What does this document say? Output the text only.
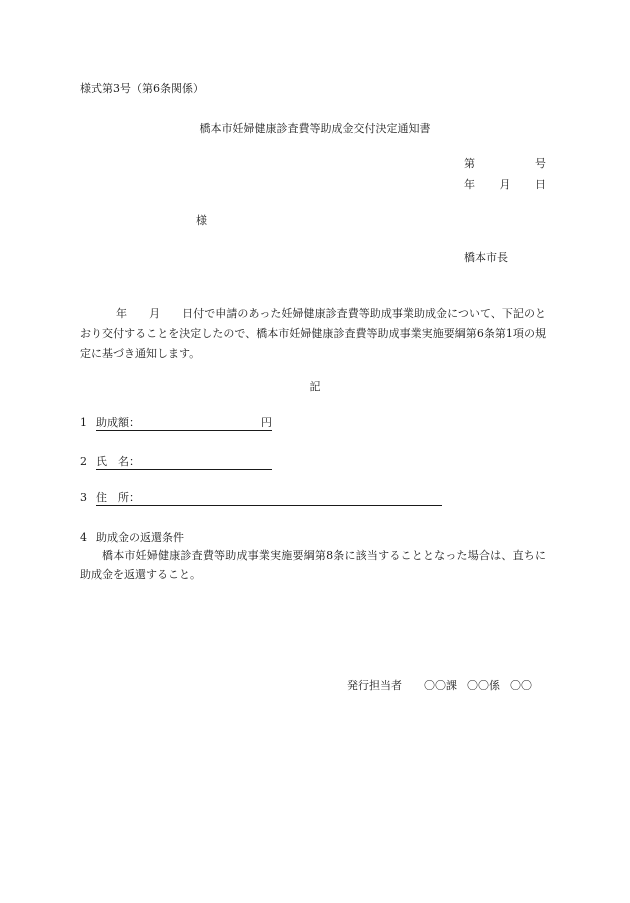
様式第3号（第6条関係）
橋本市妊婦健康診査費等助成金交付決定通知書
第	号
年 月 日
様
橋本市長
年 月 日付で申請のあった妊婦健康診査費等助成事業助成金について、下記のとおり交付することを決定したので、橋本市妊婦健康診査費等助成事業実施要綱第6条第1項の規定に基づき通知します。
記
1 助成額：	円
2 氏　名：
3 住　所：
4 助成金の返還条件
橋本市妊婦健康診査費等助成事業実施要綱第8条に該当することとなった場合は、直ちに助成金を返還すること。
発行担当者 〇〇課 〇〇係 〇〇
